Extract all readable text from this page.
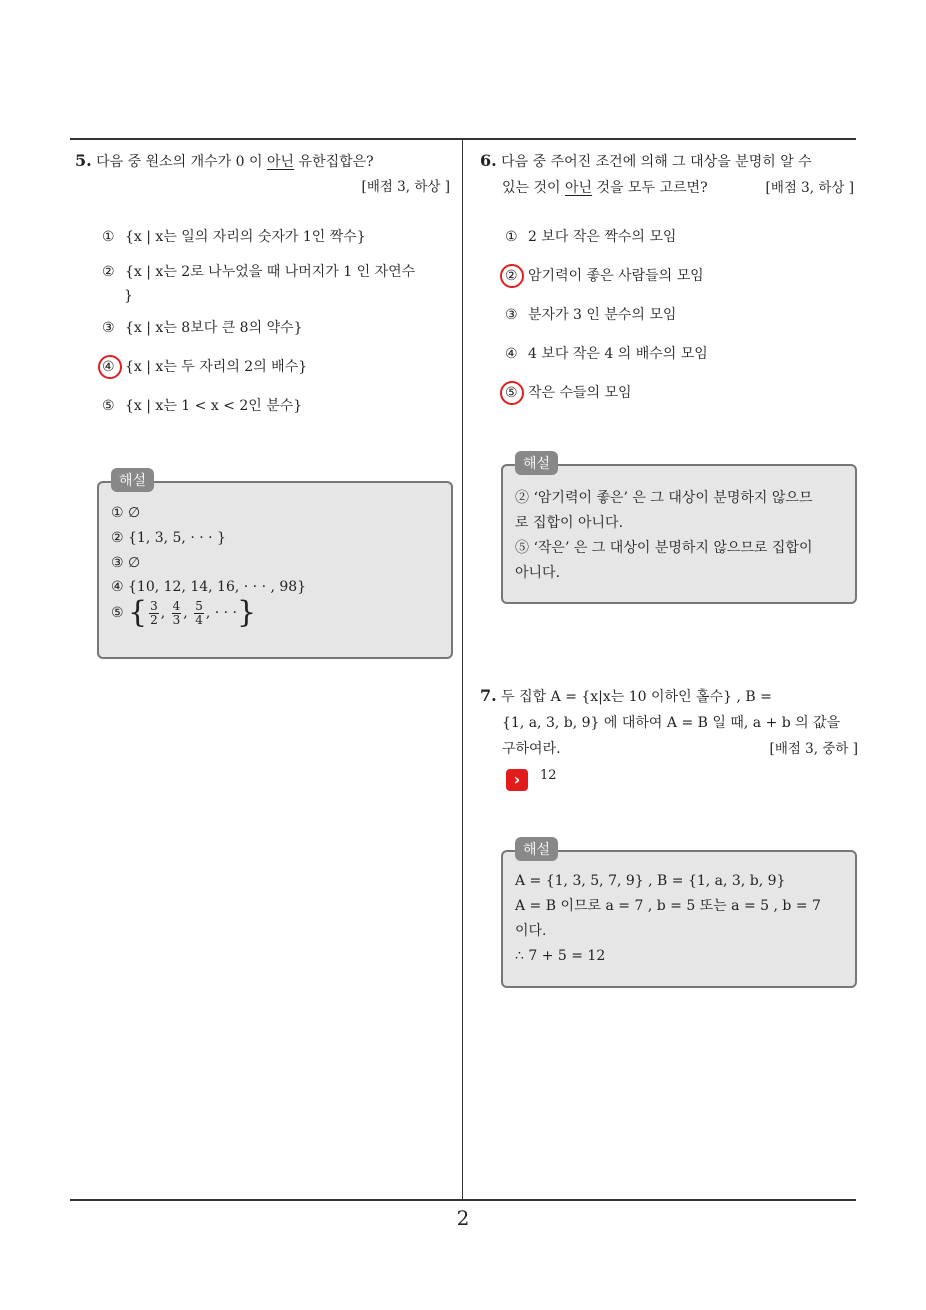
5. 다음 중 원소의 개수가 0 이 아닌 유한집합은?
[배점 3, 하상 ]
① {x | x는 일의 자리의 숫자가 1인 짝수}
② {x | x는 2로 나누었을 때 나머지가 1 인 자연수
}
③ {x | x는 8보다 큰 8의 약수}
④ {x | x는 두 자리의 2의 배수}
⑤ {x | x는 1 < x < 2인 분수}
① ∅
② {1, 3, 5, · · · }
③ ∅
④ {10, 12, 14, 16, · · · , 98}
⑤ { $\frac{3}{2}$ , $\frac{4}{3}$ , $\frac{5}{4}$ , · · ·}
해설
6. 다음 중 주어진 조건에 의해 그 대상을 분명히 알 수
있는 것이 아닌 것을 모두 고르면?	[배점 3, 하상 ]
① 2 보다 작은 짝수의 모임
② 암기력이 좋은 사람들의 모임
③ 분자가 3 인 분수의 모임
④ 4 보다 작은 4 의 배수의 모임
⑤ 작은 수들의 모임
② ‘암기력이 좋은’ 은 그 대상이 분명하지 않으므
로 집합이 아니다.
⑤ ‘작은’ 은 그 대상이 분명하지 않으므로 집합이
아니다.
해설
7. 두 집합 A = {x|x는 10 이하인 홀수} , B =
{1, a, 3, b, 9} 에 대하여 A = B 일 때, a + b 의 값을
구하여라.	[배점 3, 중하 ]
›	12
A = {1, 3, 5, 7, 9} , B = {1, a, 3, b, 9}
A = B 이므로 a = 7 , b = 5 또는 a = 5 , b = 7
이다.
∴ 7 + 5 = 12
해설
2
